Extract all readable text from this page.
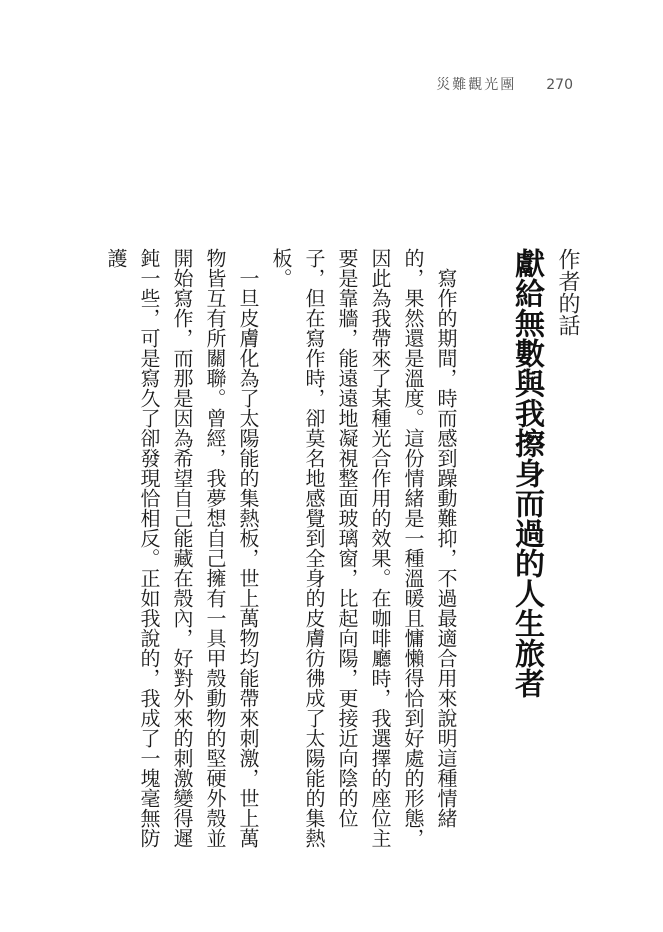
災難觀光團 270
作者的話
獻給無數與我擦身而過的人生旅者

寫作的期間，時而感到躁動難抑，不過最適合用來說明這種情緒的，果然還是溫度。這份情緒是一種溫暖且慵懶得恰到好處的形態，因此為我帶來了某種光合作用的效果。在咖啡廳時，我選擇的座位主要是靠牆，能遠遠地凝視整面玻璃窗，比起向陽，更接近向陰的位子，但在寫作時，卻莫名地感覺到全身的皮膚彷彿成了太陽能的集熱板。

一旦皮膚化為了太陽能的集熱板，世上萬物均能帶來刺激，世上萬物皆互有所關聯。曾經，我夢想自己擁有一具甲殼動物的堅硬外殼並開始寫作，而那是因為希望自己能藏在殼內，好對外來的刺激變得遲鈍一些，可是寫久了卻發現恰相反。正如我說的，我成了一塊毫無防護
